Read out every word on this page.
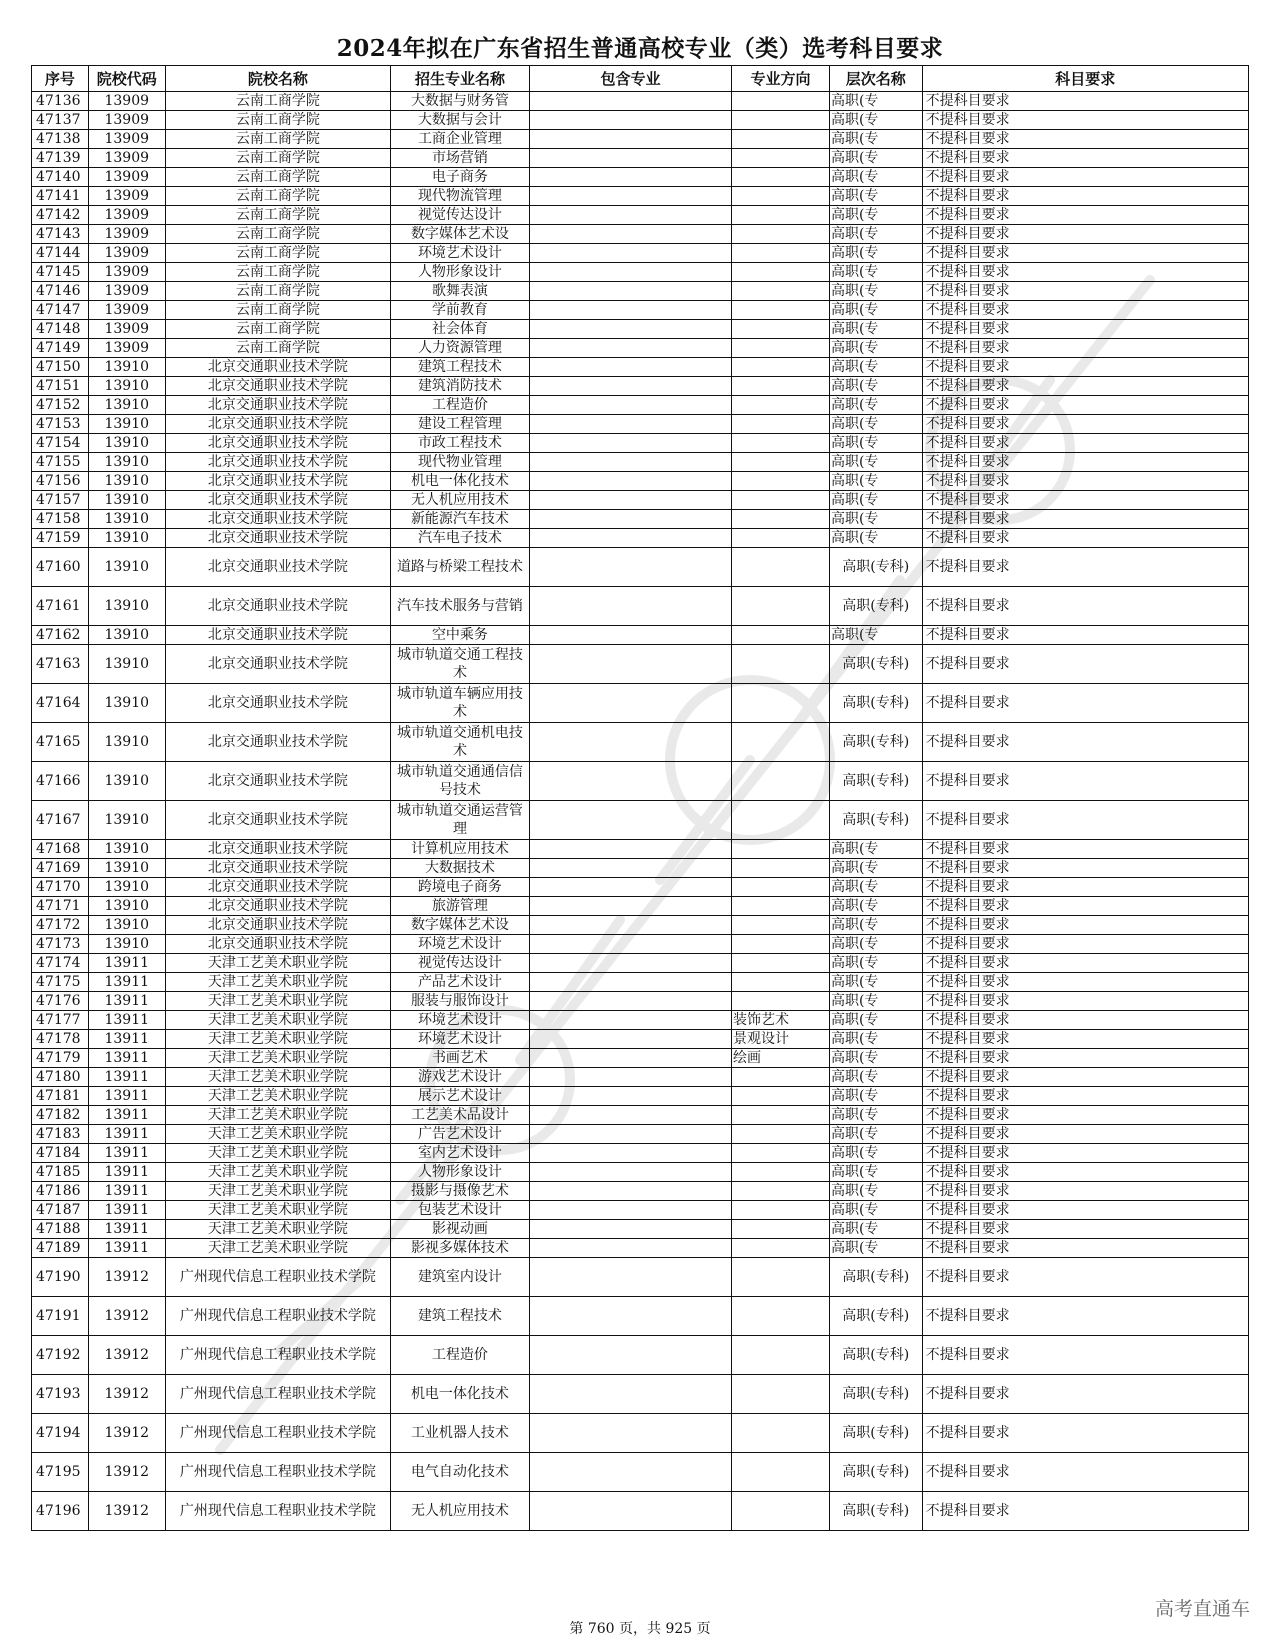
2024年拟在广东省招生普通高校专业（类）选考科目要求
序号	院校代码	院校名称	招生专业名称	包含专业	专业方向	层次名称	科目要求
47136	13909	云南工商学院	大数据与财务管			高职(专	不提科目要求
47137	13909	云南工商学院	大数据与会计			高职(专	不提科目要求
47138	13909	云南工商学院	工商企业管理			高职(专	不提科目要求
47139	13909	云南工商学院	市场营销			高职(专	不提科目要求
47140	13909	云南工商学院	电子商务			高职(专	不提科目要求
47141	13909	云南工商学院	现代物流管理			高职(专	不提科目要求
47142	13909	云南工商学院	视觉传达设计			高职(专	不提科目要求
47143	13909	云南工商学院	数字媒体艺术设			高职(专	不提科目要求
47144	13909	云南工商学院	环境艺术设计			高职(专	不提科目要求
47145	13909	云南工商学院	人物形象设计			高职(专	不提科目要求
47146	13909	云南工商学院	歌舞表演			高职(专	不提科目要求
47147	13909	云南工商学院	学前教育			高职(专	不提科目要求
47148	13909	云南工商学院	社会体育			高职(专	不提科目要求
47149	13909	云南工商学院	人力资源管理			高职(专	不提科目要求
47150	13910	北京交通职业技术学院	建筑工程技术			高职(专	不提科目要求
47151	13910	北京交通职业技术学院	建筑消防技术			高职(专	不提科目要求
47152	13910	北京交通职业技术学院	工程造价			高职(专	不提科目要求
47153	13910	北京交通职业技术学院	建设工程管理			高职(专	不提科目要求
47154	13910	北京交通职业技术学院	市政工程技术			高职(专	不提科目要求
47155	13910	北京交通职业技术学院	现代物业管理			高职(专	不提科目要求
47156	13910	北京交通职业技术学院	机电一体化技术			高职(专	不提科目要求
47157	13910	北京交通职业技术学院	无人机应用技术			高职(专	不提科目要求
47158	13910	北京交通职业技术学院	新能源汽车技术			高职(专	不提科目要求
47159	13910	北京交通职业技术学院	汽车电子技术			高职(专	不提科目要求
47160	13910	北京交通职业技术学院	道路与桥梁工程技术			高职(专科)	不提科目要求
47161	13910	北京交通职业技术学院	汽车技术服务与营销			高职(专科)	不提科目要求
47162	13910	北京交通职业技术学院	空中乘务			高职(专	不提科目要求
47163	13910	北京交通职业技术学院	城市轨道交通工程技术			高职(专科)	不提科目要求
47164	13910	北京交通职业技术学院	城市轨道车辆应用技术			高职(专科)	不提科目要求
47165	13910	北京交通职业技术学院	城市轨道交通机电技术			高职(专科)	不提科目要求
47166	13910	北京交通职业技术学院	城市轨道交通通信信号技术			高职(专科)	不提科目要求
47167	13910	北京交通职业技术学院	城市轨道交通运营管理			高职(专科)	不提科目要求
47168	13910	北京交通职业技术学院	计算机应用技术			高职(专	不提科目要求
47169	13910	北京交通职业技术学院	大数据技术			高职(专	不提科目要求
47170	13910	北京交通职业技术学院	跨境电子商务			高职(专	不提科目要求
47171	13910	北京交通职业技术学院	旅游管理			高职(专	不提科目要求
47172	13910	北京交通职业技术学院	数字媒体艺术设			高职(专	不提科目要求
47173	13910	北京交通职业技术学院	环境艺术设计			高职(专	不提科目要求
47174	13911	天津工艺美术职业学院	视觉传达设计			高职(专	不提科目要求
47175	13911	天津工艺美术职业学院	产品艺术设计			高职(专	不提科目要求
47176	13911	天津工艺美术职业学院	服装与服饰设计			高职(专	不提科目要求
47177	13911	天津工艺美术职业学院	环境艺术设计		装饰艺术	高职(专	不提科目要求
47178	13911	天津工艺美术职业学院	环境艺术设计		景观设计	高职(专	不提科目要求
47179	13911	天津工艺美术职业学院	书画艺术		绘画	高职(专	不提科目要求
47180	13911	天津工艺美术职业学院	游戏艺术设计			高职(专	不提科目要求
47181	13911	天津工艺美术职业学院	展示艺术设计			高职(专	不提科目要求
47182	13911	天津工艺美术职业学院	工艺美术品设计			高职(专	不提科目要求
47183	13911	天津工艺美术职业学院	广告艺术设计			高职(专	不提科目要求
47184	13911	天津工艺美术职业学院	室内艺术设计			高职(专	不提科目要求
47185	13911	天津工艺美术职业学院	人物形象设计			高职(专	不提科目要求
47186	13911	天津工艺美术职业学院	摄影与摄像艺术			高职(专	不提科目要求
47187	13911	天津工艺美术职业学院	包装艺术设计			高职(专	不提科目要求
47188	13911	天津工艺美术职业学院	影视动画			高职(专	不提科目要求
47189	13911	天津工艺美术职业学院	影视多媒体技术			高职(专	不提科目要求
47190	13912	广州现代信息工程职业技术学院	建筑室内设计			高职(专科)	不提科目要求
47191	13912	广州现代信息工程职业技术学院	建筑工程技术			高职(专科)	不提科目要求
47192	13912	广州现代信息工程职业技术学院	工程造价			高职(专科)	不提科目要求
47193	13912	广州现代信息工程职业技术学院	机电一体化技术			高职(专科)	不提科目要求
47194	13912	广州现代信息工程职业技术学院	工业机器人技术			高职(专科)	不提科目要求
47195	13912	广州现代信息工程职业技术学院	电气自动化技术			高职(专科)	不提科目要求
47196	13912	广州现代信息工程职业技术学院	无人机应用技术			高职(专科)	不提科目要求
第 760 页，共 925 页
高考直通车
